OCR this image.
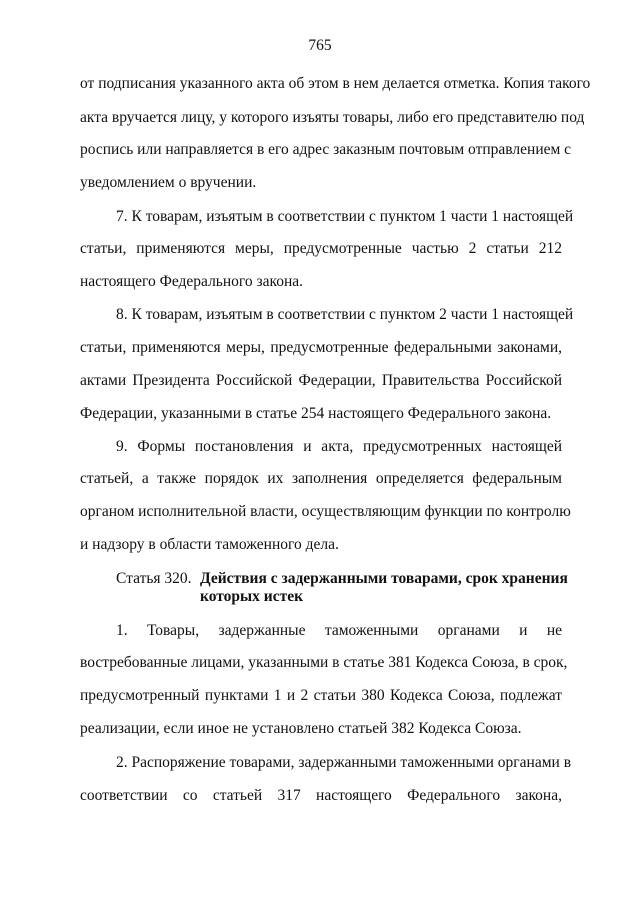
765
от подписания указанного акта об этом в нем делается отметка. Копия такого
акта вручается лицу, у которого изъяты товары, либо его представителю под
роспись или направляется в его адрес заказным почтовым отправлением с
уведомлением о вручении.
7. К товарам, изъятым в соответствии с пунктом 1 части 1 настоящей
статьи, применяются меры, предусмотренные частью 2 статьи 212
настоящего Федерального закона.
8. К товарам, изъятым в соответствии с пунктом 2 части 1 настоящей
статьи, применяются меры, предусмотренные федеральными законами,
актами Президента Российской Федерации, Правительства Российской
Федерации, указанными в статье 254 настоящего Федерального закона.
9. Формы постановления и акта, предусмотренных настоящей
статьей, а также порядок их заполнения определяется федеральным
органом исполнительной власти, осуществляющим функции по контролю
и надзору в области таможенного дела.
Статья 320. Действия с задержанными товарами, срок хранения
которых истек
1. Товары, задержанные таможенными органами и не
востребованные лицами, указанными в статье 381 Кодекса Союза, в срок,
предусмотренный пунктами 1 и 2 статьи 380 Кодекса Союза, подлежат
реализации, если иное не установлено статьей 382 Кодекса Союза.
2. Распоряжение товарами, задержанными таможенными органами в
соответствии со статьей 317 настоящего Федерального закона,
